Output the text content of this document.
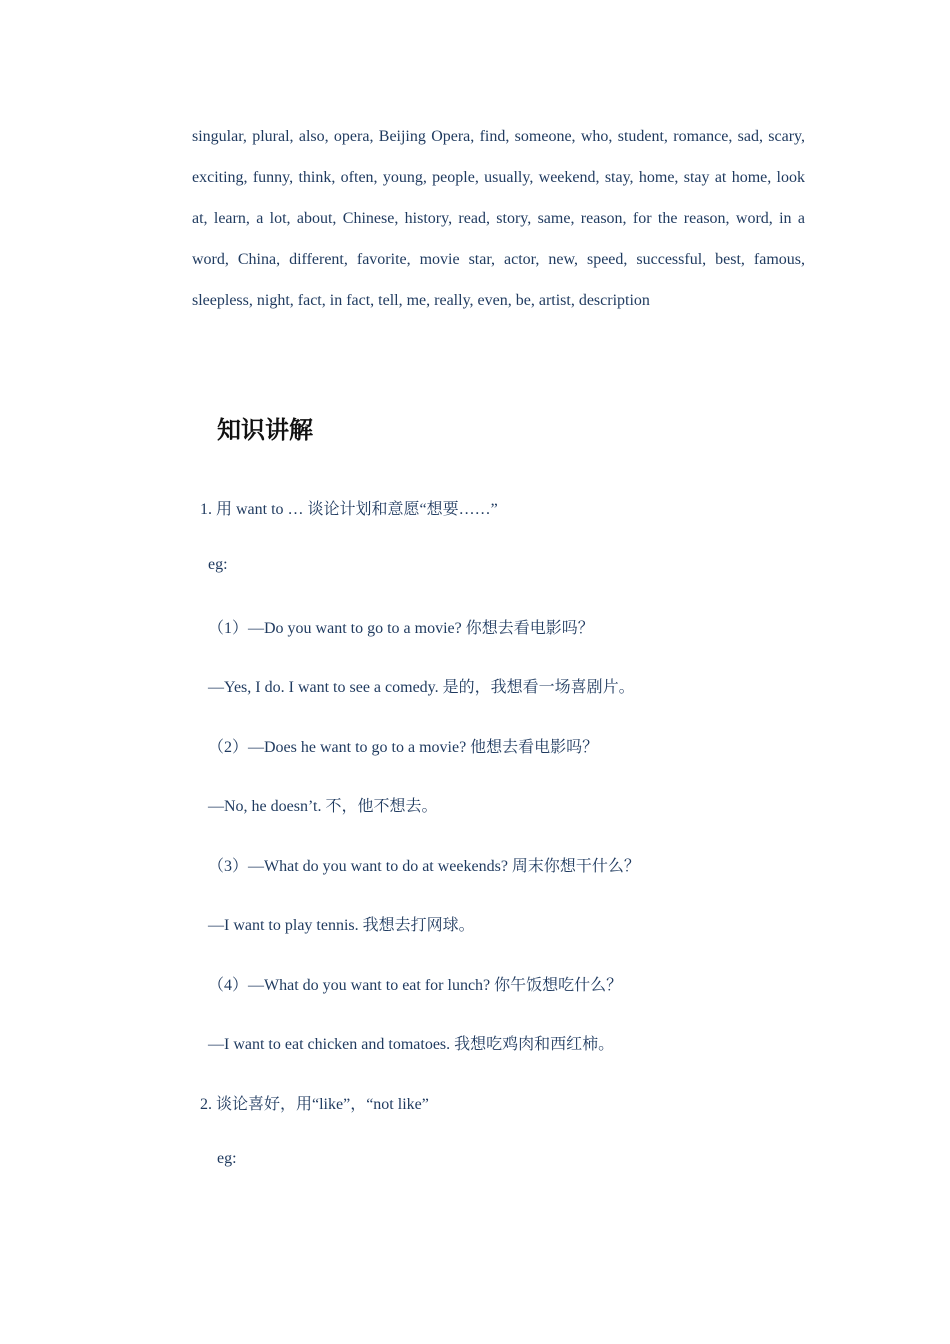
singular, plural, also, opera, Beijing Opera, find, someone, who, student, romance, sad, scary, exciting, funny, think, often, young, people, usually, weekend, stay, home, stay at home, look at, learn, a lot, about, Chinese, history, read, story, same, reason, for the reason, word, in a word, China, different, favorite, movie star, actor, new, speed, successful, best, famous, sleepless, night, fact, in fact, tell, me, really, even, be, artist, description

知识讲解

1. 用 want to … 谈论计划和意愿“想要……”

eg:

（1）—Do you want to go to a movie? 你想去看电影吗？

—Yes, I do. I want to see a comedy. 是的，我想看一场喜剧片。

（2）—Does he want to go to a movie? 他想去看电影吗？

—No, he doesn’t. 不，他不想去。

（3）—What do you want to do at weekends? 周末你想干什么？

—I want to play tennis. 我想去打网球。

（4）—What do you want to eat for lunch? 你午饭想吃什么？

—I want to eat chicken and tomatoes. 我想吃鸡肉和西红柿。

2. 谈论喜好，用“like”，“not like”

eg:
